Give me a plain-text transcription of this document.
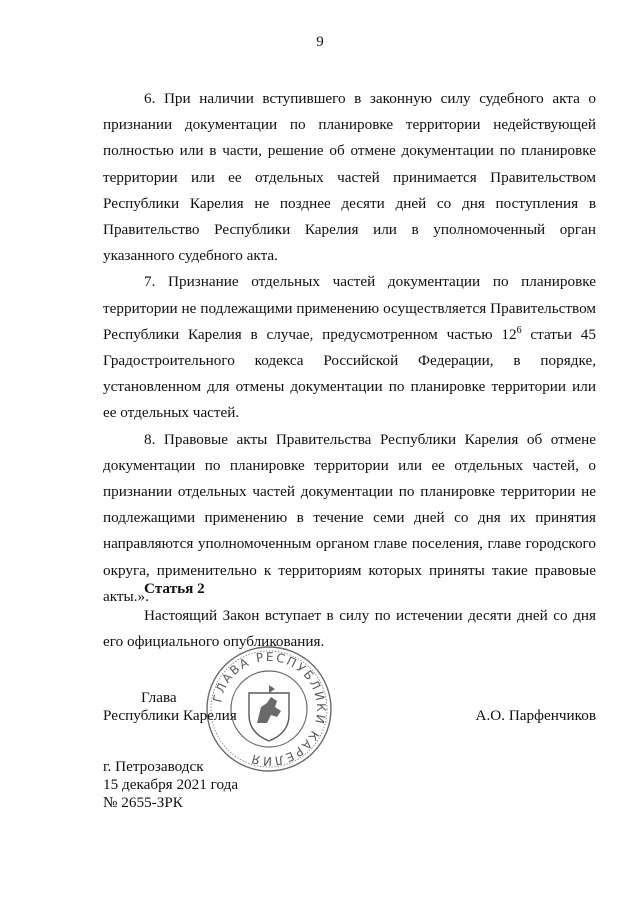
9

6. При наличии вступившего в законную силу судебного акта о признании документации по планировке территории недействующей полностью или в части, решение об отмене документации по планировке территории или ее отдельных частей принимается Правительством Республики Карелия не позднее десяти дней со дня поступления в Правительство Республики Карелия или в уполномоченный орган указанного судебного акта.

7. Признание отдельных частей документации по планировке территории не подлежащими применению осуществляется Правительством Республики Карелия в случае, предусмотренном частью $12^6$ статьи 45 Градостроительного кодекса Российской Федерации, в порядке, установленном для отмены документации по планировке территории или ее отдельных частей.

8. Правовые акты Правительства Республики Карелия об отмене документации по планировке территории или ее отдельных частей, о признании отдельных частей документации по планировке территории не подлежащими применению в течение семи дней со дня их принятия направляются уполномоченным органом главе поселения, главе городского округа, применительно к территориям которых приняты такие правовые акты.».

Статья 2
Настоящий Закон вступает в силу по истечении десяти дней со дня его официального опубликования.
ГЛАВА РЕСПУБЛИКИ КАРЕЛИЯ
Глава
Республики Карелия	А.О. Парфенчиков
г. Петрозаводск
15 декабря 2021 года
№ 2655-ЗРК
